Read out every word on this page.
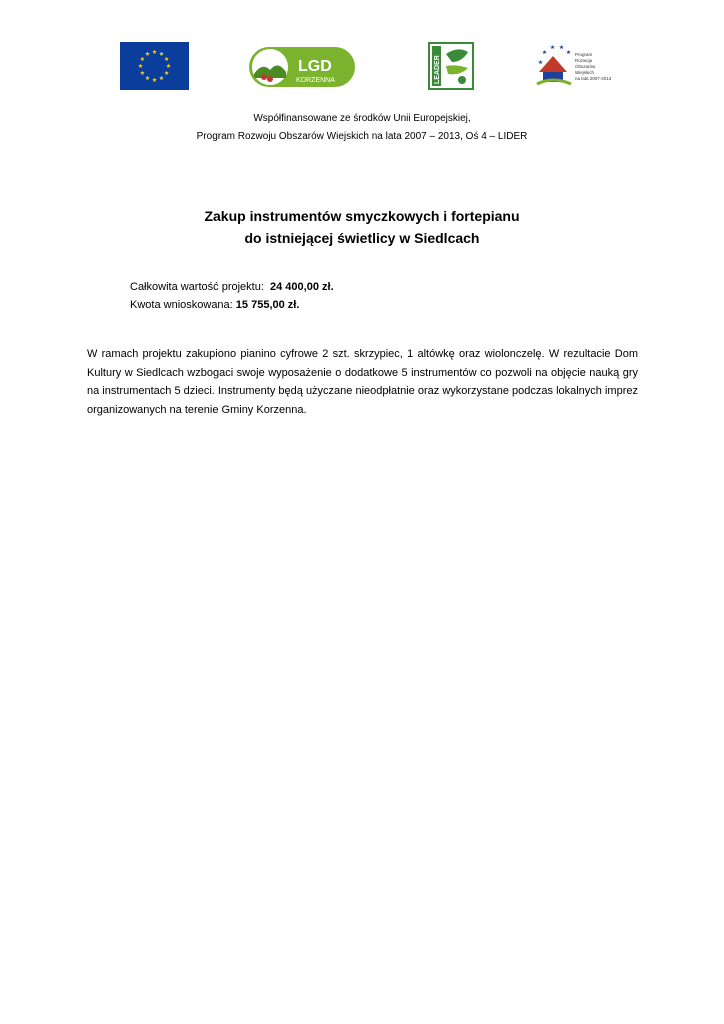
LGD
KORZENNA	LEADER
Program
Rozwoju
Obszarów
Wiejskich
na lata 2007-2013
Współfinansowane ze środków Unii Europejskiej,
Program Rozwoju Obszarów Wiejskich na lata 2007 – 2013, Oś 4 – LIDER
Zakup instrumentów smyczkowych i fortepianu
do istniejącej świetlicy w Siedlcach
Całkowita wartość projektu: 24 400,00 zł.
Kwota wnioskowana: 15 755,00 zł.
W ramach projektu zakupiono pianino cyfrowe 2 szt. skrzypiec, 1 altówkę oraz wiolonczelę. W rezultacie Dom Kultury w Siedlcach wzbogaci swoje wyposażenie o dodatkowe 5 instrumentów co pozwoli na objęcie nauką gry na instrumentach 5 dzieci. Instrumenty będą użyczane nieodpłatnie oraz wykorzystane podczas lokalnych imprez organizowanych na terenie Gminy Korzenna.
